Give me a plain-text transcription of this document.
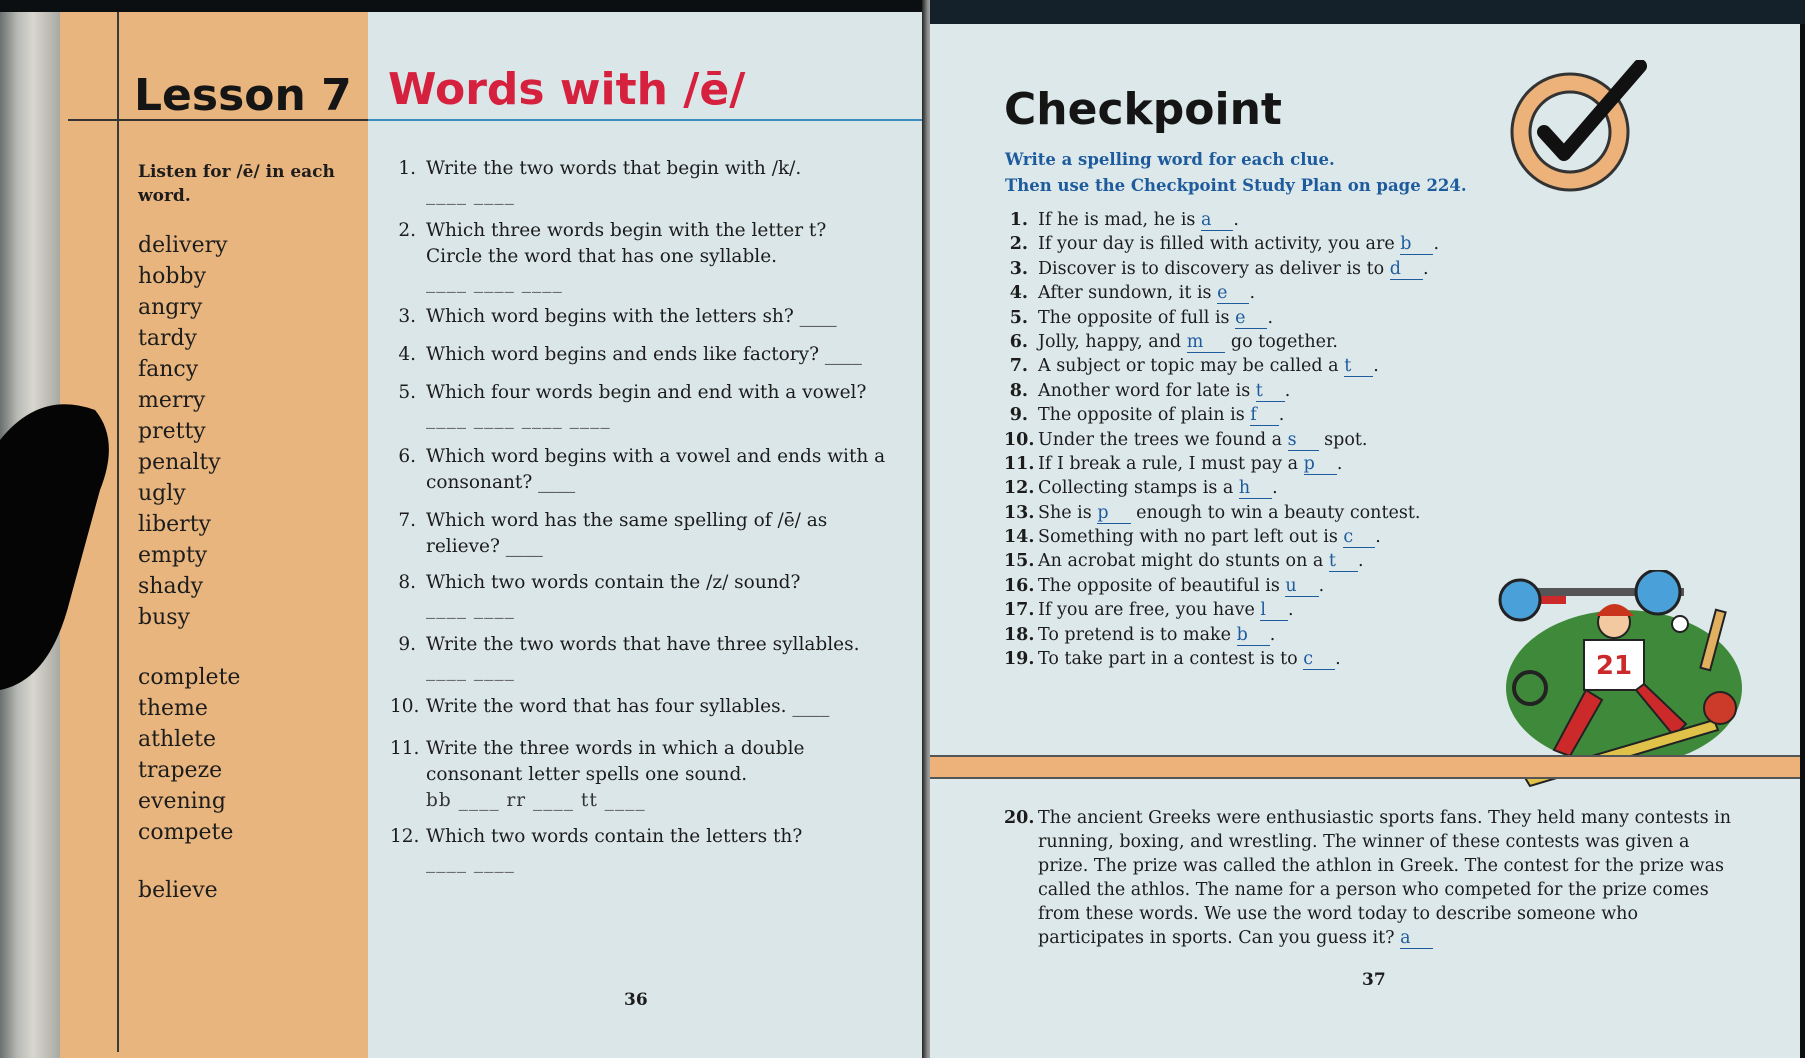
Lesson 7 Words with /ē/
Listen for /ē/ in each word.
delivery
hobby
angry
tardy
fancy
merry
pretty
penalty
ugly
liberty
empty
shady
busy
complete
theme
athlete
trapeze
evening
compete
believe
1. Write the two words that begin with /k/.
____ ____
2. Which three words begin with the letter t? Circle the word that has one syllable.
____ ____ ____
3. Which word begins with the letters sh? ____
4. Which word begins and ends like factory? ____
5. Which four words begin and end with a vowel?
____ ____ ____ ____
6. Which word begins with a vowel and ends with a consonant? ____
7. Which word has the same spelling of /ē/ as relieve? ____
8. Which two words contain the /z/ sound?
____ ____
9. Write the two words that have three syllables.
____ ____
10. Write the word that has four syllables. ____
11. Write the three words in which a double consonant letter spells one sound.
bb ____ rr ____ tt ____
12. Which two words contain the letters th?
____ ____
36
Checkpoint
Write a spelling word for each clue.
Then use the Checkpoint Study Plan on page 224.
1. If he is mad, he is a .
2. If your day is filled with activity, you are b .
3. Discover is to discovery as deliver is to d .
4. After sundown, it is e .
5. The opposite of full is e .
6. Jolly, happy, and m go together.
7. A subject or topic may be called a t .
8. Another word for late is t .
9. The opposite of plain is f .
10. Under the trees we found a s spot.
11. If I break a rule, I must pay a p .
12. Collecting stamps is a h .
13. She is p enough to win a beauty contest.
14. Something with no part left out is c .
15. An acrobat might do stunts on a t .
16. The opposite of beautiful is u .
17. If you are free, you have l .
18. To pretend is to make b .
19. To take part in a contest is to c .	21
20. The ancient Greeks were enthusiastic sports fans. They held many contests in running, boxing, and wrestling. The winner of these contests was given a prize. The prize was called the athlon in Greek. The contest for the prize was called the athlos. The name for a person who competed for the prize comes from these words. We use the word today to describe someone who participates in sports. Can you guess it? a
37
